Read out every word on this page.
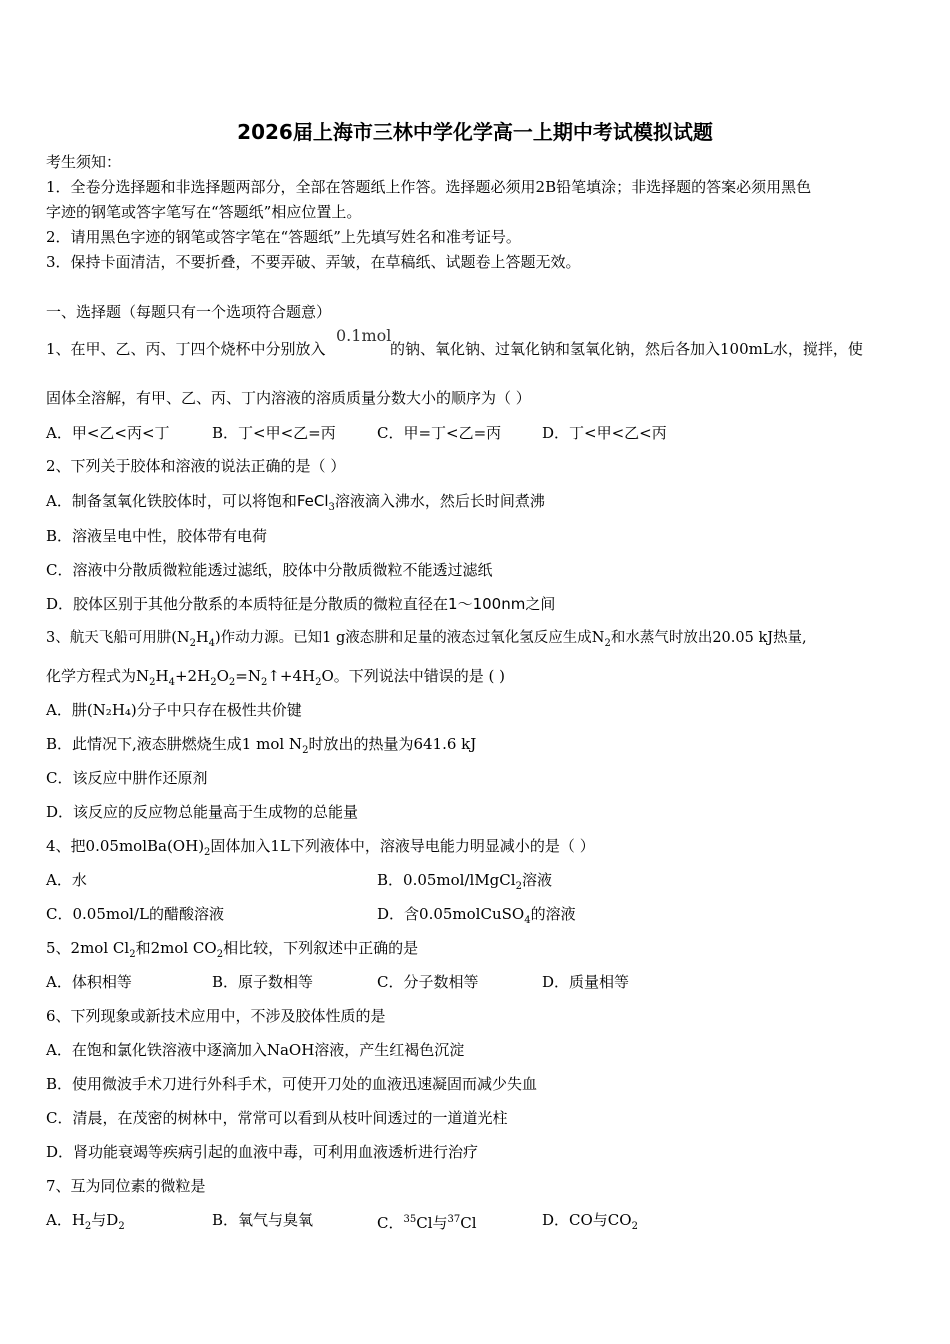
2026届上海市三林中学化学高一上期中考试模拟试题
考生须知：
1．全卷分选择题和非选择题两部分，全部在答题纸上作答。选择题必须用2B铅笔填涂；非选择题的答案必须用黑色
字迹的钢笔或答字笔写在“答题纸”相应位置上。
2．请用黑色字迹的钢笔或答字笔在“答题纸”上先填写姓名和准考证号。
3．保持卡面清洁，不要折叠，不要弄破、弄皱，在草稿纸、试题卷上答题无效。
一、选择题（每题只有一个选项符合题意）
0.1mol
1、在甲、乙、丙、丁四个烧杯中分别放入	的钠、氧化钠、过氧化钠和氢氧化钠，然后各加入100mL水，搅拌，使
固体全溶解，有甲、乙、丙、丁内溶液的溶质质量分数大小的顺序为（ ）
A．甲<乙<丙<丁	B．丁<甲<乙=丙	C．甲=丁<乙=丙	D．丁<甲<乙<丙
2、下列关于胶体和溶液的说法正确的是（ ）
A．制备氢氧化铁胶体时，可以将饱和FeCl$_3$溶液滴入沸水，然后长时间煮沸
B．溶液呈电中性，胶体带有电荷
C．溶液中分散质微粒能透过滤纸，胶体中分散质微粒不能透过滤纸
D．胶体区别于其他分散系的本质特征是分散质的微粒直径在1～100nm之间
3、航天飞船可用肼$(N_2H_4)$作动力源。已知1 g液态肼和足量的液态过氧化氢反应生成$N_2$和水蒸气时放出20.05 kJ热量,
化学方程式为$N_2H_4+2H_2O_2=N_2↑+4H_2O$。下列说法中错误的是 ( )
A．肼(N₂H₄)分子中只存在极性共价键
B．此情况下,液态肼燃烧生成1 mol $N_2$时放出的热量为641.6 kJ
C．该反应中肼作还原剂
D．该反应的反应物总能量高于生成物的总能量
4、把$0.05molBa(OH)_2$固体加入1L下列液体中，溶液导电能力明显减小的是（ ）
A．水	B．0.05mol/lMgCl$_2$溶液
C．0.05mol/L的醋酸溶液	D．含0.05molCuSO$_4$的溶液
5、2mol $Cl_2$和2mol $CO_2$相比较，下列叙述中正确的是
A．体积相等	B．原子数相等	C．分子数相等	D．质量相等
6、下列现象或新技术应用中，不涉及胶体性质的是
A．在饱和氯化铁溶液中逐滴加入NaOH溶液，产生红褐色沉淀
B．使用微波手术刀进行外科手术，可使开刀处的血液迅速凝固而减少失血
C．清晨，在茂密的树林中，常常可以看到从枝叶间透过的一道道光柱
D．肾功能衰竭等疾病引起的血液中毒，可利用血液透析进行治疗
7、互为同位素的微粒是
A．$H_2$与$D_2$	B．氧气与臭氧	C．$^{35}$Cl与$^{37}$Cl	D．CO与$CO_2$
